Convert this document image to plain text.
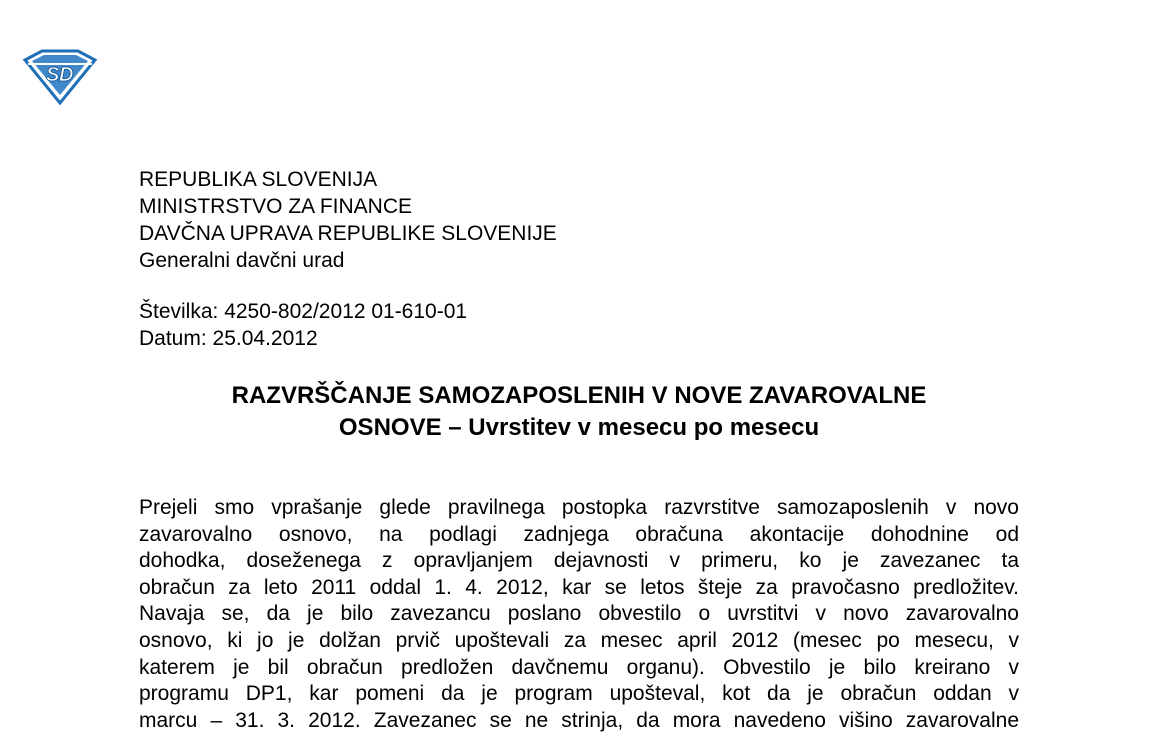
S D
REPUBLIKA SLOVENIJA
MINISTRSTVO ZA FINANCE
DAVČNA UPRAVA REPUBLIKE SLOVENIJE
Generalni davčni urad
Številka: 4250-802/2012 01-610-01
Datum: 25.04.2012
RAZVRŠČANJE SAMOZAPOSLENIH V NOVE ZAVAROVALNE
OSNOVE – Uvrstitev v mesecu po mesecu
Prejeli smo vprašanje glede pravilnega postopka razvrstitve samozaposlenih v novo
zavarovalno osnovo, na podlagi zadnjega obračuna akontacije dohodnine od
dohodka, doseženega z opravljanjem dejavnosti v primeru, ko je zavezanec ta
obračun za leto 2011 oddal 1. 4. 2012, kar se letos šteje za pravočasno predložitev.
Navaja se, da je bilo zavezancu poslano obvestilo o uvrstitvi v novo zavarovalno
osnovo, ki jo je dolžan prvič upoštevali za mesec april 2012 (mesec po mesecu, v
katerem je bil obračun predložen davčnemu organu). Obvestilo je bilo kreirano v
programu DP1, kar pomeni da je program upošteval, kot da je obračun oddan v
marcu – 31. 3. 2012. Zavezanec se ne strinja, da mora navedeno višino zavarovalne
